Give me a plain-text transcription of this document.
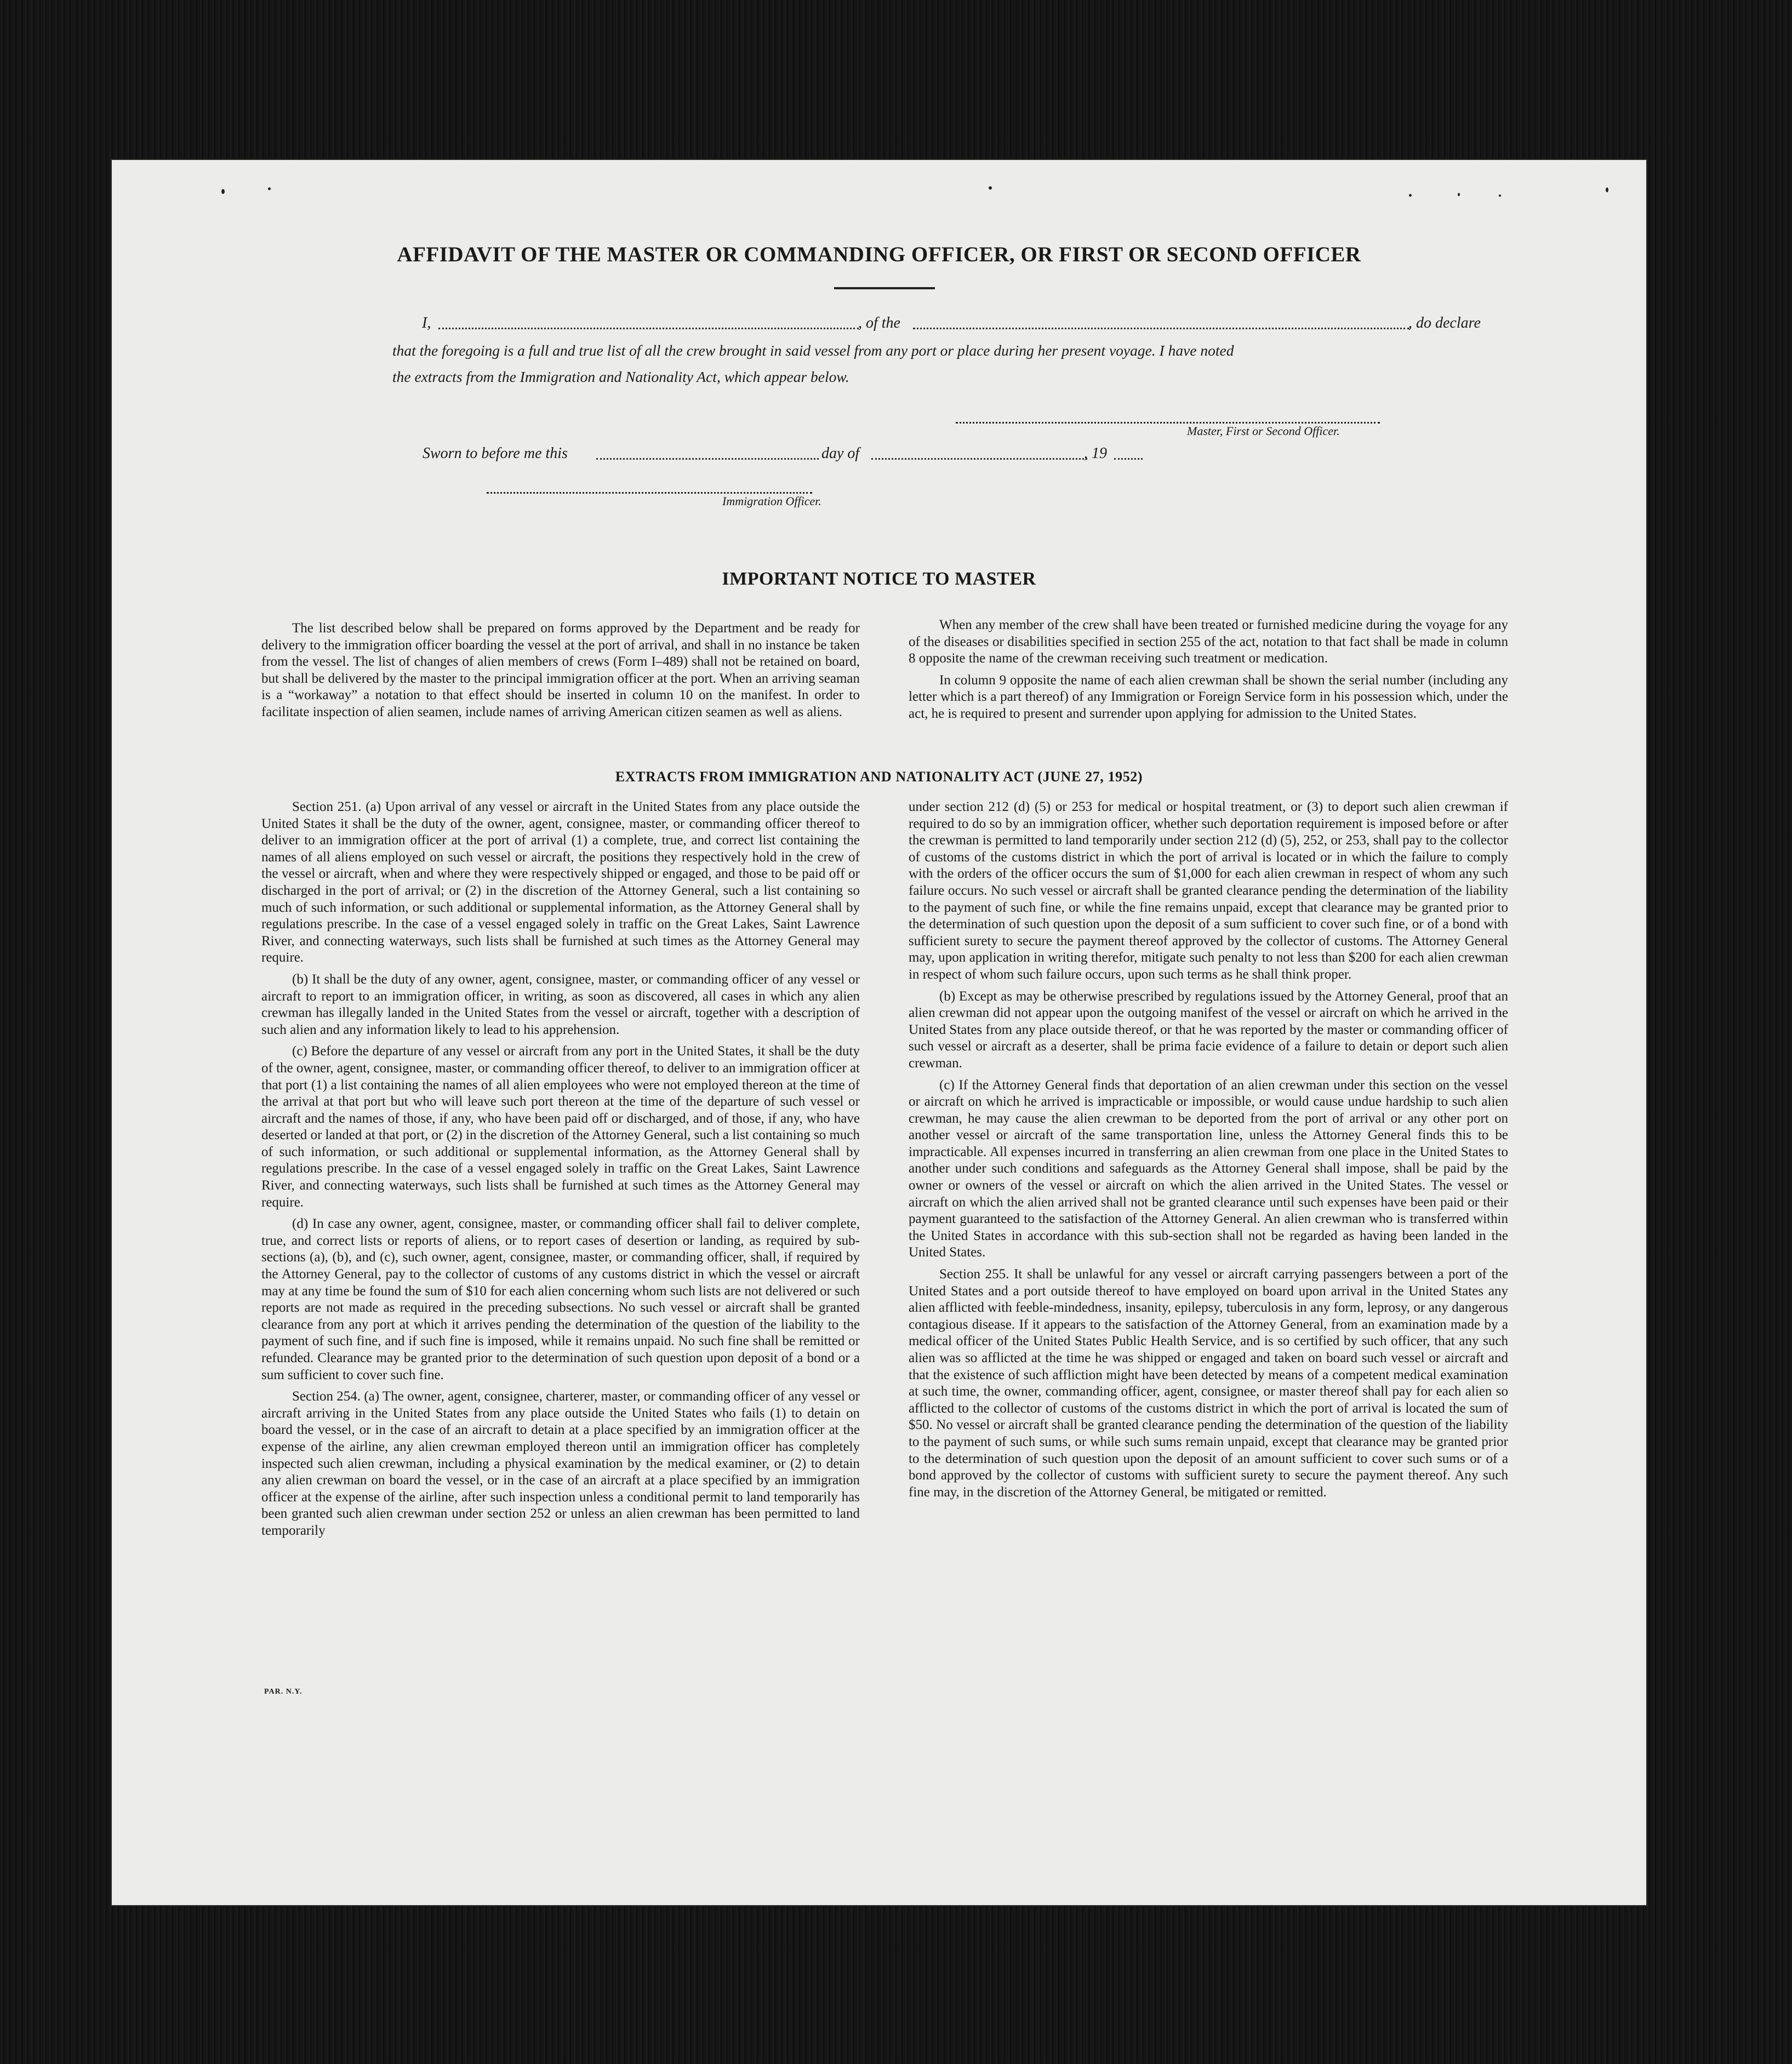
AFFIDAVIT OF THE MASTER OR COMMANDING OFFICER, OR FIRST OR SECOND OFFICER
I,	, of the	, do declare
that the foregoing is a full and true list of all the crew brought in said vessel from any port or place during her present voyage. I have noted
the extracts from the Immigration and Nationality Act, which appear below.
Master, First or Second Officer.
Sworn to before me this	day of	, 19
Immigration Officer.
IMPORTANT NOTICE TO MASTER

The list described below shall be prepared on forms approved by the Department and be ready for delivery to the immigration officer boarding the vessel at the port of arrival, and shall in no instance be taken from the vessel. The list of changes of alien members of crews (Form I–489) shall not be retained on board, but shall be delivered by the master to the principal immigration officer at the port. When an arriving seaman is a “workaway” a notation to that effect should be inserted in column 10 on the manifest. In order to facilitate inspection of alien seamen, include names of arriving American citizen seamen as well as aliens.

When any member of the crew shall have been treated or furnished medicine during the voyage for any of the diseases or disabilities specified in section 255 of the act, notation to that fact shall be made in column 8 opposite the name of the crewman receiving such treatment or medication.

In column 9 opposite the name of each alien crewman shall be shown the serial number (including any letter which is a part thereof) of any Immigration or Foreign Service form in his possession which, under the act, he is required to present and surrender upon applying for admission to the United States.

EXTRACTS FROM IMMIGRATION AND NATIONALITY ACT (JUNE 27, 1952)

Section 251. (a) Upon arrival of any vessel or aircraft in the United States from any place outside the United States it shall be the duty of the owner, agent, consignee, master, or commanding officer thereof to deliver to an immigration officer at the port of arrival (1) a complete, true, and correct list containing the names of all aliens employed on such vessel or aircraft, the positions they respectively hold in the crew of the vessel or aircraft, when and where they were respectively shipped or engaged, and those to be paid off or discharged in the port of arrival; or (2) in the discretion of the Attorney General, such a list containing so much of such information, or such additional or supplemental information, as the Attorney General shall by regulations prescribe. In the case of a vessel engaged solely in traffic on the Great Lakes, Saint Lawrence River, and connecting waterways, such lists shall be furnished at such times as the Attorney General may require.

(b) It shall be the duty of any owner, agent, consignee, master, or commanding officer of any vessel or aircraft to report to an immigration officer, in writing, as soon as discovered, all cases in which any alien crewman has illegally landed in the United States from the vessel or aircraft, together with a description of such alien and any information likely to lead to his apprehension.

(c) Before the departure of any vessel or aircraft from any port in the United States, it shall be the duty of the owner, agent, consignee, master, or commanding officer thereof, to deliver to an immigration officer at that port (1) a list containing the names of all alien employees who were not employed thereon at the time of the arrival at that port but who will leave such port thereon at the time of the departure of such vessel or aircraft and the names of those, if any, who have been paid off or discharged, and of those, if any, who have deserted or landed at that port, or (2) in the discretion of the Attorney General, such a list containing so much of such information, or such additional or supplemental information, as the Attorney General shall by regulations prescribe. In the case of a vessel engaged solely in traffic on the Great Lakes, Saint Lawrence River, and connecting waterways, such lists shall be furnished at such times as the Attorney General may require.

(d) In case any owner, agent, consignee, master, or commanding officer shall fail to deliver complete, true, and correct lists or reports of aliens, or to report cases of desertion or landing, as required by sub-sections (a), (b), and (c), such owner, agent, consignee, master, or commanding officer, shall, if required by the Attorney General, pay to the collector of customs of any customs district in which the vessel or aircraft may at any time be found the sum of $10 for each alien concerning whom such lists are not delivered or such reports are not made as required in the preceding subsections. No such vessel or aircraft shall be granted clearance from any port at which it arrives pending the determination of the question of the liability to the payment of such fine, and if such fine is imposed, while it remains unpaid. No such fine shall be remitted or refunded. Clearance may be granted prior to the determination of such question upon deposit of a bond or a sum sufficient to cover such fine.

Section 254. (a) The owner, agent, consignee, charterer, master, or commanding officer of any vessel or aircraft arriving in the United States from any place outside the United States who fails (1) to detain on board the vessel, or in the case of an aircraft to detain at a place specified by an immigration officer at the expense of the airline, any alien crewman employed thereon until an immigration officer has completely inspected such alien crewman, including a physical examination by the medical examiner, or (2) to detain any alien crewman on board the vessel, or in the case of an aircraft at a place specified by an immigration officer at the expense of the airline, after such inspection unless a conditional permit to land temporarily has been granted such alien crewman under section 252 or unless an alien crewman has been permitted to land temporarily

under section 212 (d) (5) or 253 for medical or hospital treatment, or (3) to deport such alien crewman if required to do so by an immigration officer, whether such deportation requirement is imposed before or after the crewman is permitted to land temporarily under section 212 (d) (5), 252, or 253, shall pay to the collector of customs of the customs district in which the port of arrival is located or in which the failure to comply with the orders of the officer occurs the sum of $1,000 for each alien crewman in respect of whom any such failure occurs. No such vessel or aircraft shall be granted clearance pending the determination of the liability to the payment of such fine, or while the fine remains unpaid, except that clearance may be granted prior to the determination of such question upon the deposit of a sum sufficient to cover such fine, or of a bond with sufficient surety to secure the payment thereof approved by the collector of customs. The Attorney General may, upon application in writing therefor, mitigate such penalty to not less than $200 for each alien crewman in respect of whom such failure occurs, upon such terms as he shall think proper.

(b) Except as may be otherwise prescribed by regulations issued by the Attorney General, proof that an alien crewman did not appear upon the outgoing manifest of the vessel or aircraft on which he arrived in the United States from any place outside thereof, or that he was reported by the master or commanding officer of such vessel or aircraft as a deserter, shall be prima facie evidence of a failure to detain or deport such alien crewman.

(c) If the Attorney General finds that deportation of an alien crewman under this section on the vessel or aircraft on which he arrived is impracticable or impossible, or would cause undue hardship to such alien crewman, he may cause the alien crewman to be deported from the port of arrival or any other port on another vessel or aircraft of the same transportation line, unless the Attorney General finds this to be impracticable. All expenses incurred in transferring an alien crewman from one place in the United States to another under such conditions and safeguards as the Attorney General shall impose, shall be paid by the owner or owners of the vessel or aircraft on which the alien arrived in the United States. The vessel or aircraft on which the alien arrived shall not be granted clearance until such expenses have been paid or their payment guaranteed to the satisfaction of the Attorney General. An alien crewman who is transferred within the United States in accordance with this sub-section shall not be regarded as having been landed in the United States.

Section 255. It shall be unlawful for any vessel or aircraft carrying passengers between a port of the United States and a port outside thereof to have employed on board upon arrival in the United States any alien afflicted with feeble-mindedness, insanity, epilepsy, tuberculosis in any form, leprosy, or any dangerous contagious disease. If it appears to the satisfaction of the Attorney General, from an examination made by a medical officer of the United States Public Health Service, and is so certified by such officer, that any such alien was so afflicted at the time he was shipped or engaged and taken on board such vessel or aircraft and that the existence of such affliction might have been detected by means of a competent medical examination at such time, the owner, commanding officer, agent, consignee, or master thereof shall pay for each alien so afflicted to the collector of customs of the customs district in which the port of arrival is located the sum of $50. No vessel or aircraft shall be granted clearance pending the determination of the question of the liability to the payment of such sums, or while such sums remain unpaid, except that clearance may be granted prior to the determination of such question upon the deposit of an amount sufficient to cover such sums or of a bond approved by the collector of customs with sufficient surety to secure the payment thereof. Any such fine may, in the discretion of the Attorney General, be mitigated or remitted.

PAR. N.Y.
